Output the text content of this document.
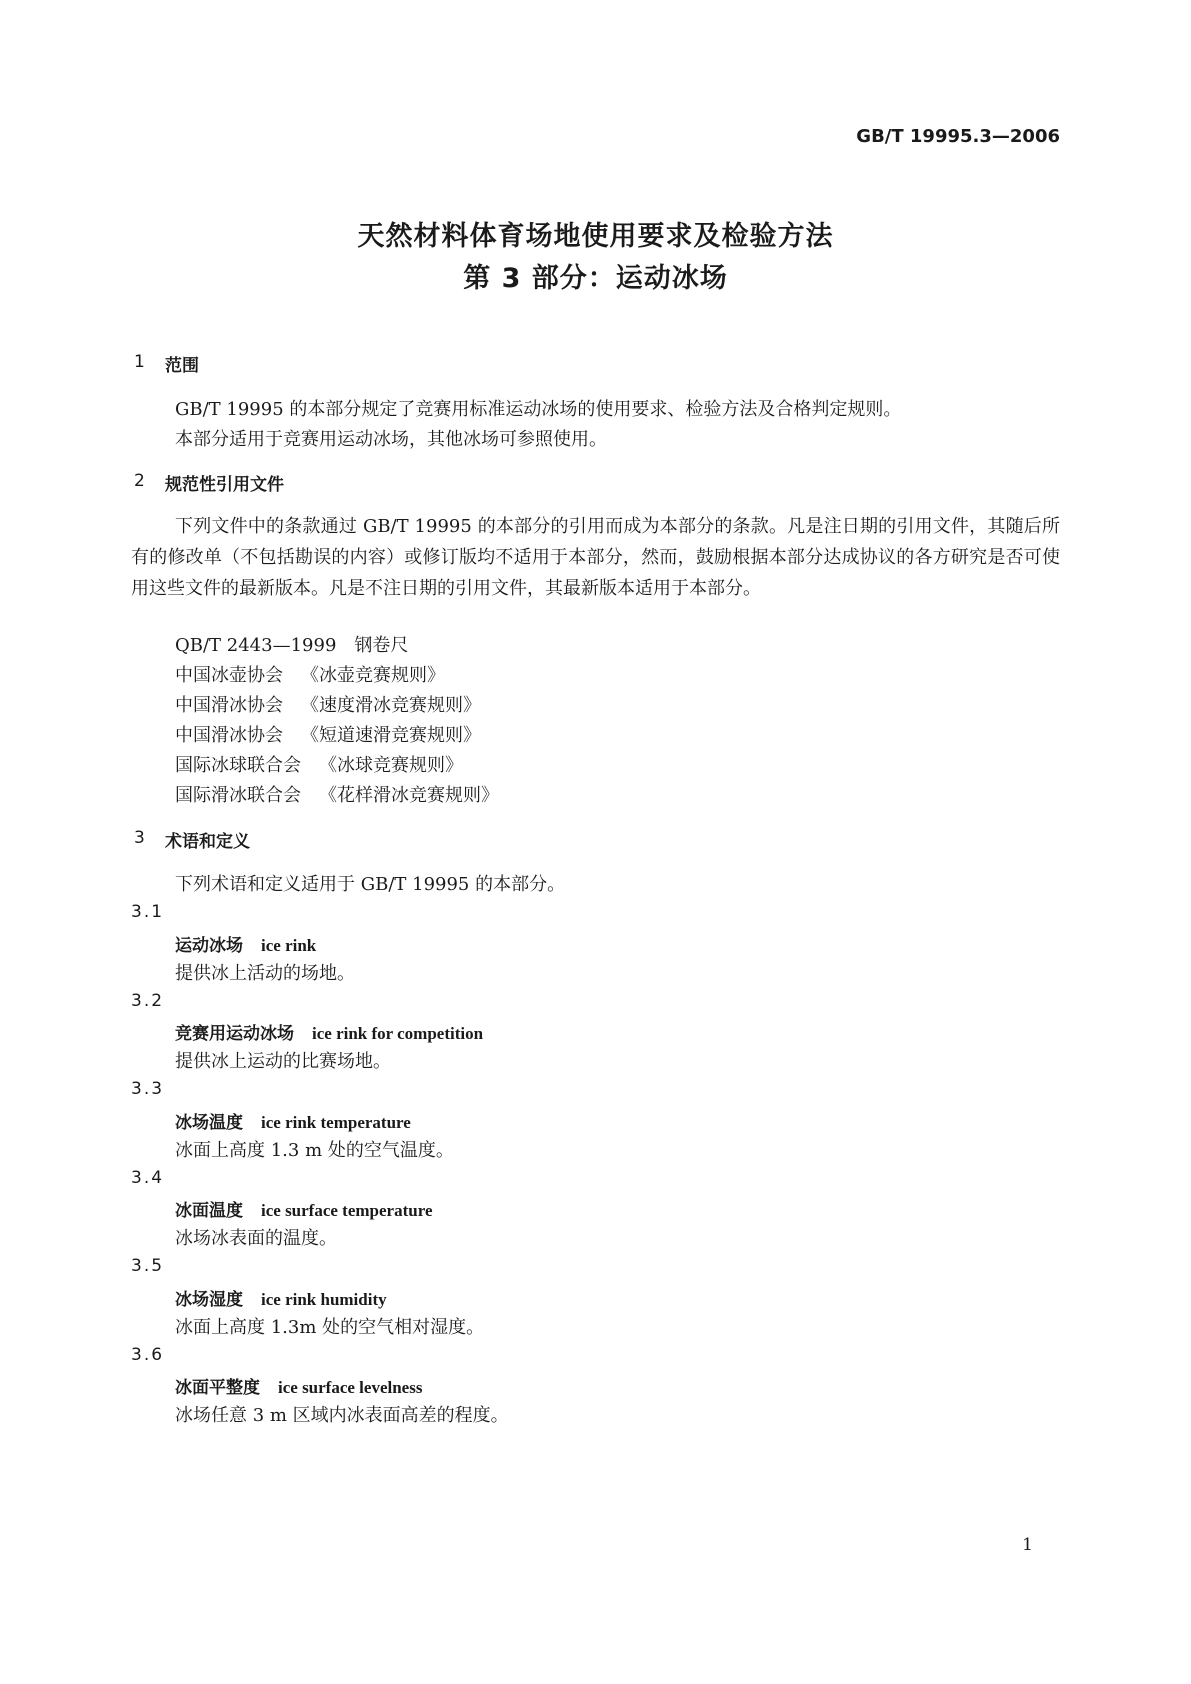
GB/T 19995.3—2006
天然材料体育场地使用要求及检验方法
第 3 部分：运动冰场
1 范围
GB/T 19995 的本部分规定了竞赛用标准运动冰场的使用要求、检验方法及合格判定规则。
本部分适用于竞赛用运动冰场，其他冰场可参照使用。
2 规范性引用文件

下列文件中的条款通过 GB/T 19995 的本部分的引用而成为本部分的条款。凡是注日期的引用文件，其随后所有的修改单（不包括勘误的内容）或修订版均不适用于本部分，然而，鼓励根据本部分达成协议的各方研究是否可使用这些文件的最新版本。凡是不注日期的引用文件，其最新版本适用于本部分。

QB/T 2443—1999 钢卷尺
中国冰壶协会 《冰壶竞赛规则》
中国滑冰协会 《速度滑冰竞赛规则》
中国滑冰协会 《短道速滑竞赛规则》
国际冰球联合会 《冰球竞赛规则》
国际滑冰联合会 《花样滑冰竞赛规则》
3 术语和定义
下列术语和定义适用于 GB/T 19995 的本部分。
3.1
运动冰场 ice rink
提供冰上活动的场地。
3.2
竞赛用运动冰场 ice rink for competition
提供冰上运动的比赛场地。
3.3
冰场温度 ice rink temperature
冰面上高度 1.3 m 处的空气温度。
3.4
冰面温度 ice surface temperature
冰场冰表面的温度。
3.5
冰场湿度 ice rink humidity
冰面上高度 1.3m 处的空气相对湿度。
3.6
冰面平整度 ice surface levelness
冰场任意 3 m 区域内冰表面高差的程度。
1
